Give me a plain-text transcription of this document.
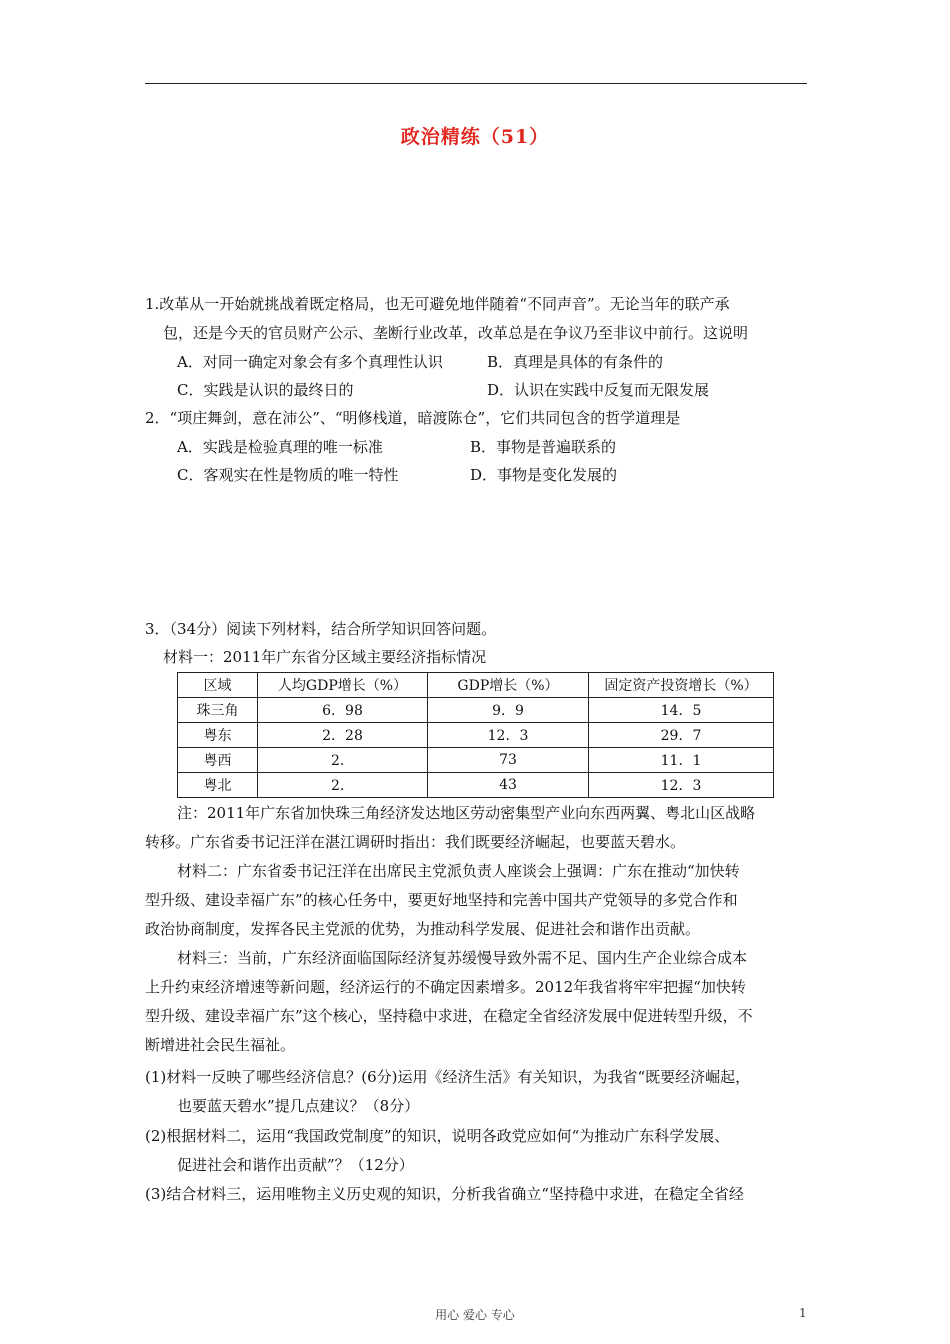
政治精练（51）
1.改革从一开始就挑战着既定格局，也无可避免地伴随着“不同声音”。无论当年的联产承
包，还是今天的官员财产公示、垄断行业改革，改革总是在争议乃至非议中前行。这说明
A．对同一确定对象会有多个真理性认识	B．真理是具体的有条件的
C．实践是认识的最终日的	D．认识在实践中反复而无限发展
2．“项庄舞剑，意在沛公”、“明修栈道，暗渡陈仓”，它们共同包含的哲学道理是
A．实践是检验真理的唯一标准	B．事物是普遍联系的
C．客观实在性是物质的唯一特性	D．事物是变化发展的
3．（34分）阅读下列材料，结合所学知识回答问题。
材料一：2011年广东省分区域主要经济指标情况
区域	人均GDP增长（%）	GDP增长（%）	固定资产投资增长（%）
珠三角	6．98	9．9	14．5
粤东	2．28	12．3	29．7
粤西	2．	73	11．1
粤北	2．	43	12．3
注：2011年广东省加快珠三角经济发达地区劳动密集型产业向东西两翼、粤北山区战略
转移。广东省委书记汪洋在湛江调研时指出：我们既要经济崛起，也要蓝天碧水。
材料二：广东省委书记汪洋在出席民主党派负责人座谈会上强调：广东在推动“加快转
型升级、建设幸福广东”的核心任务中，要更好地坚持和完善中国共产党领导的多党合作和
政治协商制度，发挥各民主党派的优势，为推动科学发展、促进社会和谐作出贡献。
材料三：当前，广东经济面临国际经济复苏缓慢导致外需不足、国内生产企业综合成本
上升约束经济增速等新问题，经济运行的不确定因素增多。2012年我省将牢牢把握“加快转
型升级、建设幸福广东”这个核心，坚持稳中求进，在稳定全省经济发展中促进转型升级，不
断增进社会民生福祉。
(1)材料一反映了哪些经济信息？(6分)运用《经济生活》有关知识，为我省“既要经济崛起，
也要蓝天碧水”提几点建议？（8分）
(2)根据材料二，运用“我国政党制度”的知识，说明各政党应如何“为推动广东科学发展、
促进社会和谐作出贡献”？（12分）
(3)结合材料三，运用唯物主义历史观的知识，分析我省确立“坚持稳中求进，在稳定全省经
用心 爱心 专心	1
